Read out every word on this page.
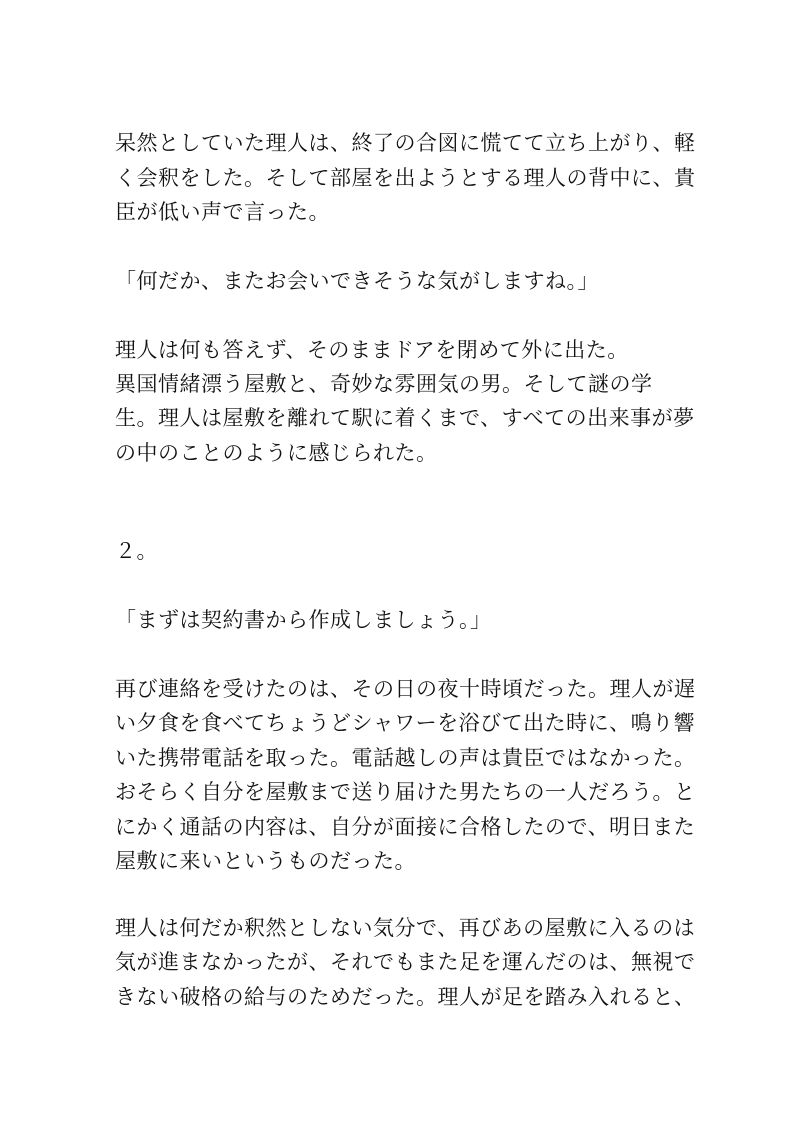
呆然としていた理人は、終了の合図に慌てて立ち上がり、軽
く会釈をした。そして部屋を出ようとする理人の背中に、貴
臣が低い声で言った。
「何だか、またお会いできそうな気がしますね。」
理人は何も答えず、そのままドアを閉めて外に出た。
異国情緒漂う屋敷と、奇妙な雰囲気の男。そして謎の学
生。理人は屋敷を離れて駅に着くまで、すべての出来事が夢
の中のことのように感じられた。
２。
「まずは契約書から作成しましょう。」
再び連絡を受けたのは、その日の夜十時頃だった。理人が遅
い夕食を食べてちょうどシャワーを浴びて出た時に、鳴り響
いた携帯電話を取った。電話越しの声は貴臣ではなかった。
おそらく自分を屋敷まで送り届けた男たちの一人だろう。と
にかく通話の内容は、自分が面接に合格したので、明日また
屋敷に来いというものだった。
理人は何だか釈然としない気分で、再びあの屋敷に入るのは
気が進まなかったが、それでもまた足を運んだのは、無視で
きない破格の給与のためだった。理人が足を踏み入れると、
